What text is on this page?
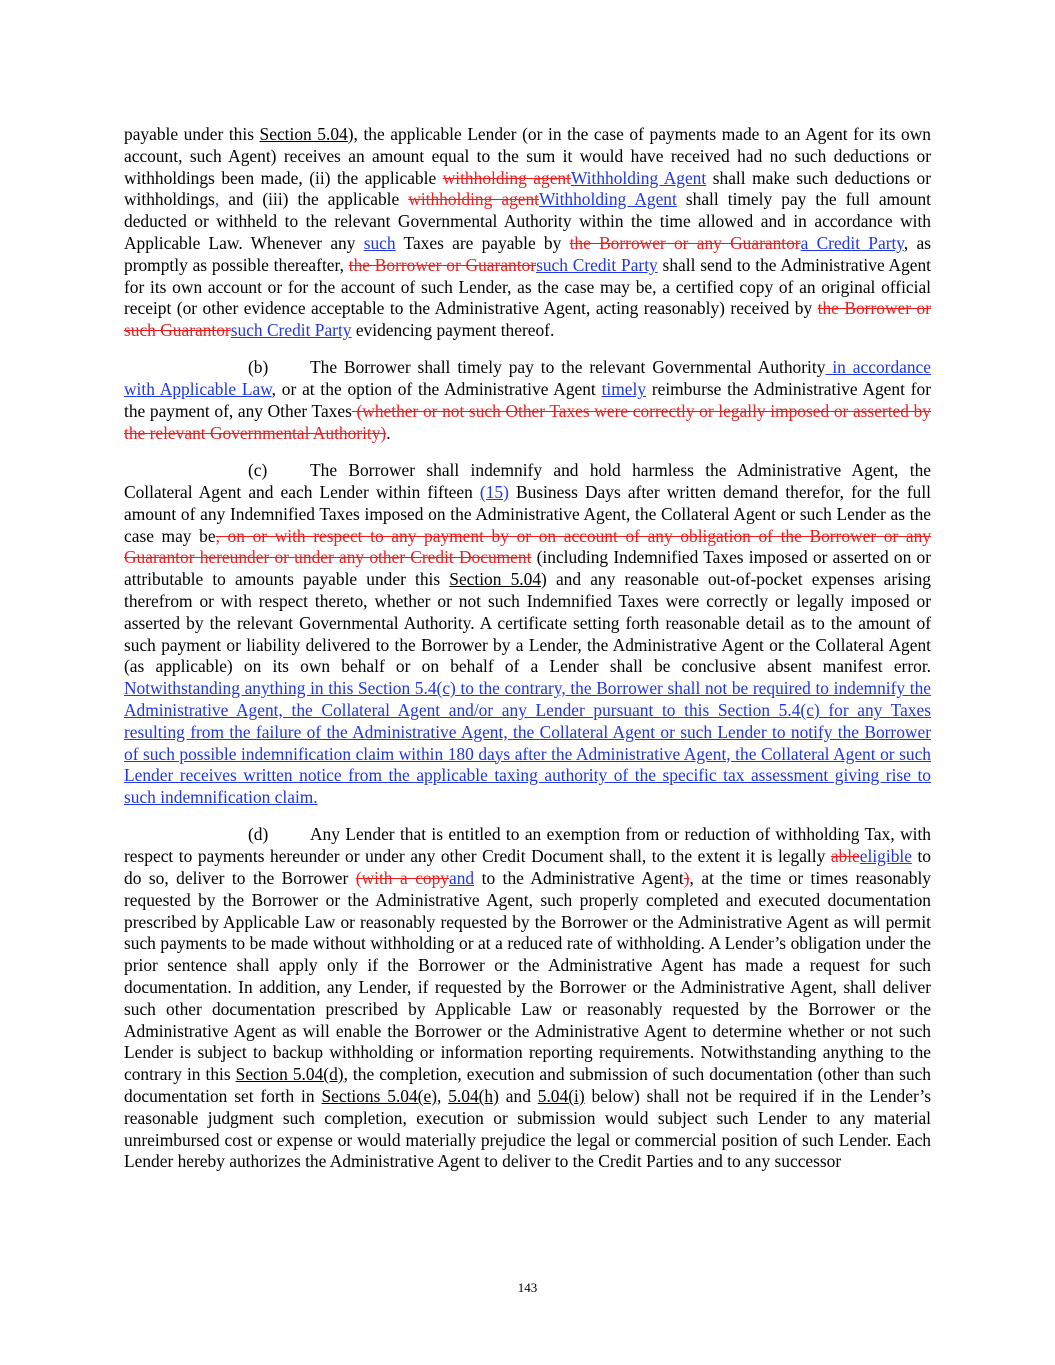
payable under this Section 5.04), the applicable Lender (or in the case of payments made to an Agent for its own account, such Agent) receives an amount equal to the sum it would have received had no such deductions or withholdings been made, (ii) the applicable withholding agentWithholding Agent shall make such deductions or withholdings, and (iii) the applicable withholding agentWithholding Agent shall timely pay the full amount deducted or withheld to the relevant Governmental Authority within the time allowed and in accordance with Applicable Law. Whenever any such Taxes are payable by the Borrower or any Guarantora Credit Party, as promptly as possible thereafter, the Borrower or Guarantorsuch Credit Party shall send to the Administrative Agent for its own account or for the account of such Lender, as the case may be, a certified copy of an original official receipt (or other evidence acceptable to the Administrative Agent, acting reasonably) received by the Borrower or such Guarantorsuch Credit Party evidencing payment thereof.

(b) The Borrower shall timely pay to the relevant Governmental Authority in accordance with Applicable Law, or at the option of the Administrative Agent timely reimburse the Administrative Agent for the payment of, any Other Taxes (whether or not such Other Taxes were correctly or legally imposed or asserted by the relevant Governmental Authority).

(c) The Borrower shall indemnify and hold harmless the Administrative Agent, the Collateral Agent and each Lender within fifteen (15) Business Days after written demand therefor, for the full amount of any Indemnified Taxes imposed on the Administrative Agent, the Collateral Agent or such Lender as the case may be, on or with respect to any payment by or on account of any obligation of the Borrower or any Guarantor hereunder or under any other Credit Document (including Indemnified Taxes imposed or asserted on or attributable to amounts payable under this Section 5.04) and any reasonable out-of-pocket expenses arising therefrom or with respect thereto, whether or not such Indemnified Taxes were correctly or legally imposed or asserted by the relevant Governmental Authority. A certificate setting forth reasonable detail as to the amount of such payment or liability delivered to the Borrower by a Lender, the Administrative Agent or the Collateral Agent (as applicable) on its own behalf or on behalf of a Lender shall be conclusive absent manifest error. Notwithstanding anything in this Section 5.4(c) to the contrary, the Borrower shall not be required to indemnify the Administrative Agent, the Collateral Agent and/or any Lender pursuant to this Section 5.4(c) for any Taxes resulting from the failure of the Administrative Agent, the Collateral Agent or such Lender to notify the Borrower of such possible indemnification claim within 180 days after the Administrative Agent, the Collateral Agent or such Lender receives written notice from the applicable taxing authority of the specific tax assessment giving rise to such indemnification claim.

(d) Any Lender that is entitled to an exemption from or reduction of withholding Tax, with respect to payments hereunder or under any other Credit Document shall, to the extent it is legally ableeligible to do so, deliver to the Borrower (with a copyand to the Administrative Agent), at the time or times reasonably requested by the Borrower or the Administrative Agent, such properly completed and executed documentation prescribed by Applicable Law or reasonably requested by the Borrower or the Administrative Agent as will permit such payments to be made without withholding or at a reduced rate of withholding. A Lender’s obligation under the prior sentence shall apply only if the Borrower or the Administrative Agent has made a request for such documentation. In addition, any Lender, if requested by the Borrower or the Administrative Agent, shall deliver such other documentation prescribed by Applicable Law or reasonably requested by the Borrower or the Administrative Agent as will enable the Borrower or the Administrative Agent to determine whether or not such Lender is subject to backup withholding or information reporting requirements. Notwithstanding anything to the contrary in this Section 5.04(d), the completion, execution and submission of such documentation (other than such documentation set forth in Sections 5.04(e), 5.04(h) and 5.04(i) below) shall not be required if in the Lender’s reasonable judgment such completion, execution or submission would subject such Lender to any material unreimbursed cost or expense or would materially prejudice the legal or commercial position of such Lender. Each Lender hereby authorizes the Administrative Agent to deliver to the Credit Parties and to any successor

143
